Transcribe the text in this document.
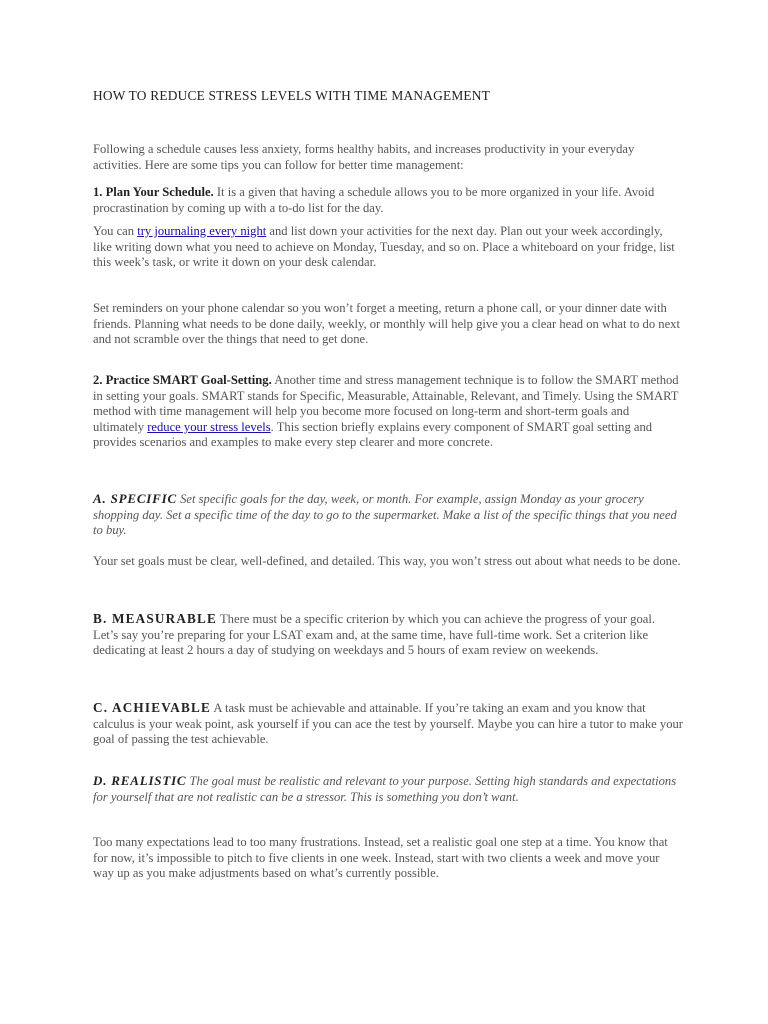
HOW TO REDUCE STRESS LEVELS WITH TIME MANAGEMENT
Following a schedule causes less anxiety, forms healthy habits, and increases productivity in your everyday activities. Here are some tips you can follow for better time management:
1. Plan Your Schedule. It is a given that having a schedule allows you to be more organized in your life. Avoid procrastination by coming up with a to-do list for the day.
You can try journaling every night and list down your activities for the next day. Plan out your week accordingly, like writing down what you need to achieve on Monday, Tuesday, and so on. Place a whiteboard on your fridge, list this week’s task, or write it down on your desk calendar.
Set reminders on your phone calendar so you won’t forget a meeting, return a phone call, or your dinner date with friends. Planning what needs to be done daily, weekly, or monthly will help give you a clear head on what to do next and not scramble over the things that need to get done.
2. Practice SMART Goal-Setting. Another time and stress management technique is to follow the SMART method in setting your goals. SMART stands for Specific, Measurable, Attainable, Relevant, and Timely. Using the SMART method with time management will help you become more focused on long-term and short-term goals and ultimately reduce your stress levels. This section briefly explains every component of SMART goal setting and provides scenarios and examples to make every step clearer and more concrete.
A. SPECIFIC Set specific goals for the day, week, or month. For example, assign Monday as your grocery shopping day. Set a specific time of the day to go to the supermarket. Make a list of the specific things that you need to buy.
Your set goals must be clear, well-defined, and detailed. This way, you won’t stress out about what needs to be done.
B. MEASURABLE There must be a specific criterion by which you can achieve the progress of your goal. Let’s say you’re preparing for your LSAT exam and, at the same time, have full-time work. Set a criterion like dedicating at least 2 hours a day of studying on weekdays and 5 hours of exam review on weekends.
C. ACHIEVABLE A task must be achievable and attainable. If you’re taking an exam and you know that calculus is your weak point, ask yourself if you can ace the test by yourself. Maybe you can hire a tutor to make your goal of passing the test achievable.
D. REALISTIC The goal must be realistic and relevant to your purpose. Setting high standards and expectations for yourself that are not realistic can be a stressor. This is something you don’t want.
Too many expectations lead to too many frustrations. Instead, set a realistic goal one step at a time. You know that for now, it’s impossible to pitch to five clients in one week. Instead, start with two clients a week and move your way up as you make adjustments based on what’s currently possible.
